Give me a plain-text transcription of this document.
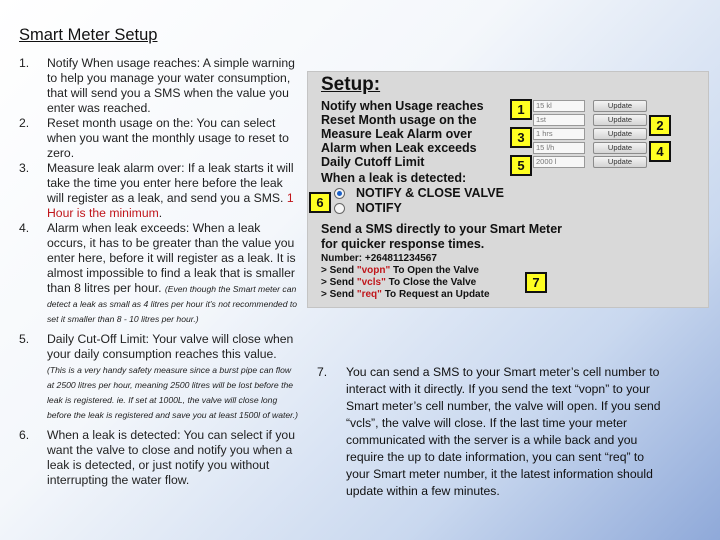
Smart Meter Setup
1. Notify When usage reaches: A simple warning to help you manage your water consumption, that will send you a SMS when the value you enter was reached.
2. Reset month usage on the: You can select when you want the monthly usage to reset to zero.
3. Measure leak alarm over: If a leak starts it will take the time you enter here before the leak will register as a leak, and send you a SMS. 1 Hour is the minimum.
4. Alarm when leak exceeds: When a leak occurs, it has to be greater than the value you enter here, before it will register as a leak. It is almost impossible to find a leak that is smaller than 8 litres per hour. (Even though the Smart meter can detect a leak as small as 4 litres per hour it's not recommended to set it smaller than 8 - 10 litres per hour.)
5. Daily Cut-Off Limit: Your valve will close when your daily consumption reaches this value. (This is a very handy safety measure since a burst pipe can flow at 2500 litres per hour, meaning 2500 litres will be lost before the leak is registered. ie. If set at 1000L, the valve will close long before the leak is registered and save you at least 1500l of water.)
6. When a leak is detected: You can select if you want the valve to close and notify you when a leak is detected, or just notify you without interrupting the water flow.
Setup:
Notify when Usage reaches
Reset Month usage on the
Measure Leak Alarm over
Alarm when Leak exceeds
Daily Cutoff Limit
15 kl
1st
1 hrs
15 l/h
2000 l
Update
Update
Update
Update
Update
1
2
3
4
5
6
7
When a leak is detected:
NOTIFY & CLOSE VALVE
NOTIFY
Send a SMS directly to your Smart Meter
for quicker response times.
Number: +264811234567
> Send "vopn" To Open the Valve
> Send "vcls" To Close the Valve
> Send "req" To Request an Update
7.	You can send a SMS to your Smart meter’s cell number to interact with it directly. If you send the text “vopn” to your Smart meter’s cell number, the valve will open. If you send “vcls”, the valve will close. If the last time your meter communicated with the server is a while back and you require the up to date information, you can sent “req” to your Smart meter number, it the latest information should update within a few minutes.
